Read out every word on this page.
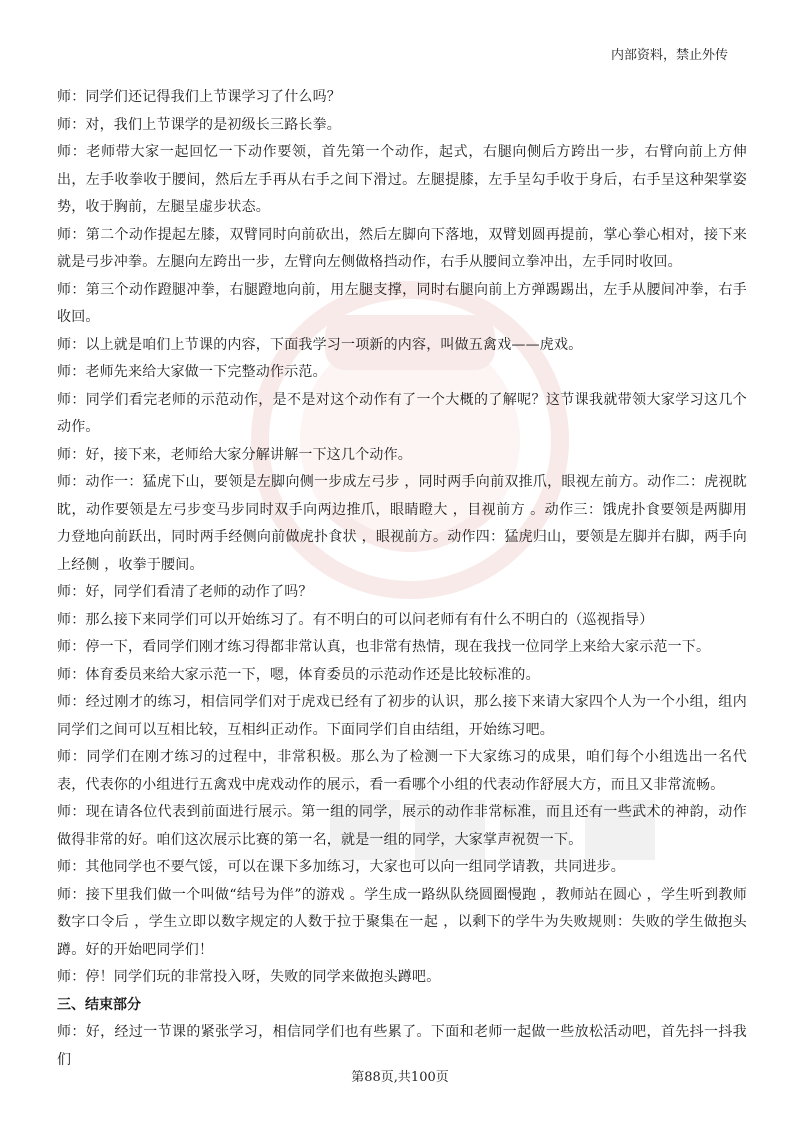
内部资料，禁止外传

师：同学们还记得我们上节课学习了什么吗？

师：对，我们上节课学的是初级长三路长拳。

师：老师带大家一起回忆一下动作要领，首先第一个动作，起式，右腿向侧后方跨出一步，右臂向前上方伸出，左手收拳收于腰间，然后左手再从右手之间下滑过。左腿提膝，左手呈勾手收于身后，右手呈这种架掌姿势，收于胸前，左腿呈虚步状态。

师：第二个动作提起左膝，双臂同时向前砍出，然后左脚向下落地，双臂划圆再提前，掌心拳心相对，接下来就是弓步冲拳。左腿向左跨出一步，左臂向左侧做格挡动作，右手从腰间立拳冲出，左手同时收回。

师：第三个动作蹬腿冲拳，右腿蹬地向前，用左腿支撑，同时右腿向前上方弹踢踢出，左手从腰间冲拳，右手收回。

师：以上就是咱们上节课的内容，下面我学习一项新的内容，叫做五禽戏——虎戏。

师：老师先来给大家做一下完整动作示范。

师：同学们看完老师的示范动作，是不是对这个动作有了一个大概的了解呢？这节课我就带领大家学习这几个动作。

师：好，接下来，老师给大家分解讲解一下这几个动作。

师：动作一：猛虎下山，要领是左脚向侧一步成左弓步 ，同时两手向前双推爪，眼视左前方。动作二：虎视眈眈，动作要领是左弓步变马步同时双手向两边推爪，眼睛瞪大 ，目视前方 。动作三：饿虎扑食要领是两脚用力登地向前跃出，同时两手经侧向前做虎扑食状 ，眼视前方。动作四：猛虎归山，要领是左脚并右脚，两手向上经侧 ，收拳于腰间。

师：好，同学们看清了老师的动作了吗？

师：那么接下来同学们可以开始练习了。有不明白的可以问老师有有什么不明白的（巡视指导）

师：停一下，看同学们刚才练习得都非常认真，也非常有热情，现在我找一位同学上来给大家示范一下。

师：体育委员来给大家示范一下，嗯，体育委员的示范动作还是比较标准的。

师：经过刚才的练习，相信同学们对于虎戏已经有了初步的认识，那么接下来请大家四个人为一个小组，组内同学们之间可以互相比较，互相纠正动作。下面同学们自由结组，开始练习吧。

师：同学们在刚才练习的过程中，非常积极。那么为了检测一下大家练习的成果，咱们每个小组选出一名代表，代表你的小组进行五禽戏中虎戏动作的展示，看一看哪个小组的代表动作舒展大方，而且又非常流畅。

师：现在请各位代表到前面进行展示。第一组的同学，展示的动作非常标准，而且还有一些武术的神韵，动作做得非常的好。咱们这次展示比赛的第一名，就是一组的同学，大家掌声祝贺一下。

师：其他同学也不要气馁，可以在课下多加练习，大家也可以向一组同学请教，共同进步。

师：接下里我们做一个叫做“结号为伴”的游戏 。学生成一路纵队绕圆圈慢跑 ，教师站在圆心 ，学生听到教师数字口令后 ，学生立即以数字规定的人数于拉于聚集在一起 ，以剩下的学牛为失败规则：失败的学生做抱头蹲。好的开始吧同学们！

师：停！同学们玩的非常投入呀，失败的同学来做抱头蹲吧。

三、结束部分

师：好，经过一节课的紧张学习，相信同学们也有些累了。下面和老师一起做一些放松活动吧，首先抖一抖我们

第88页,共100页
